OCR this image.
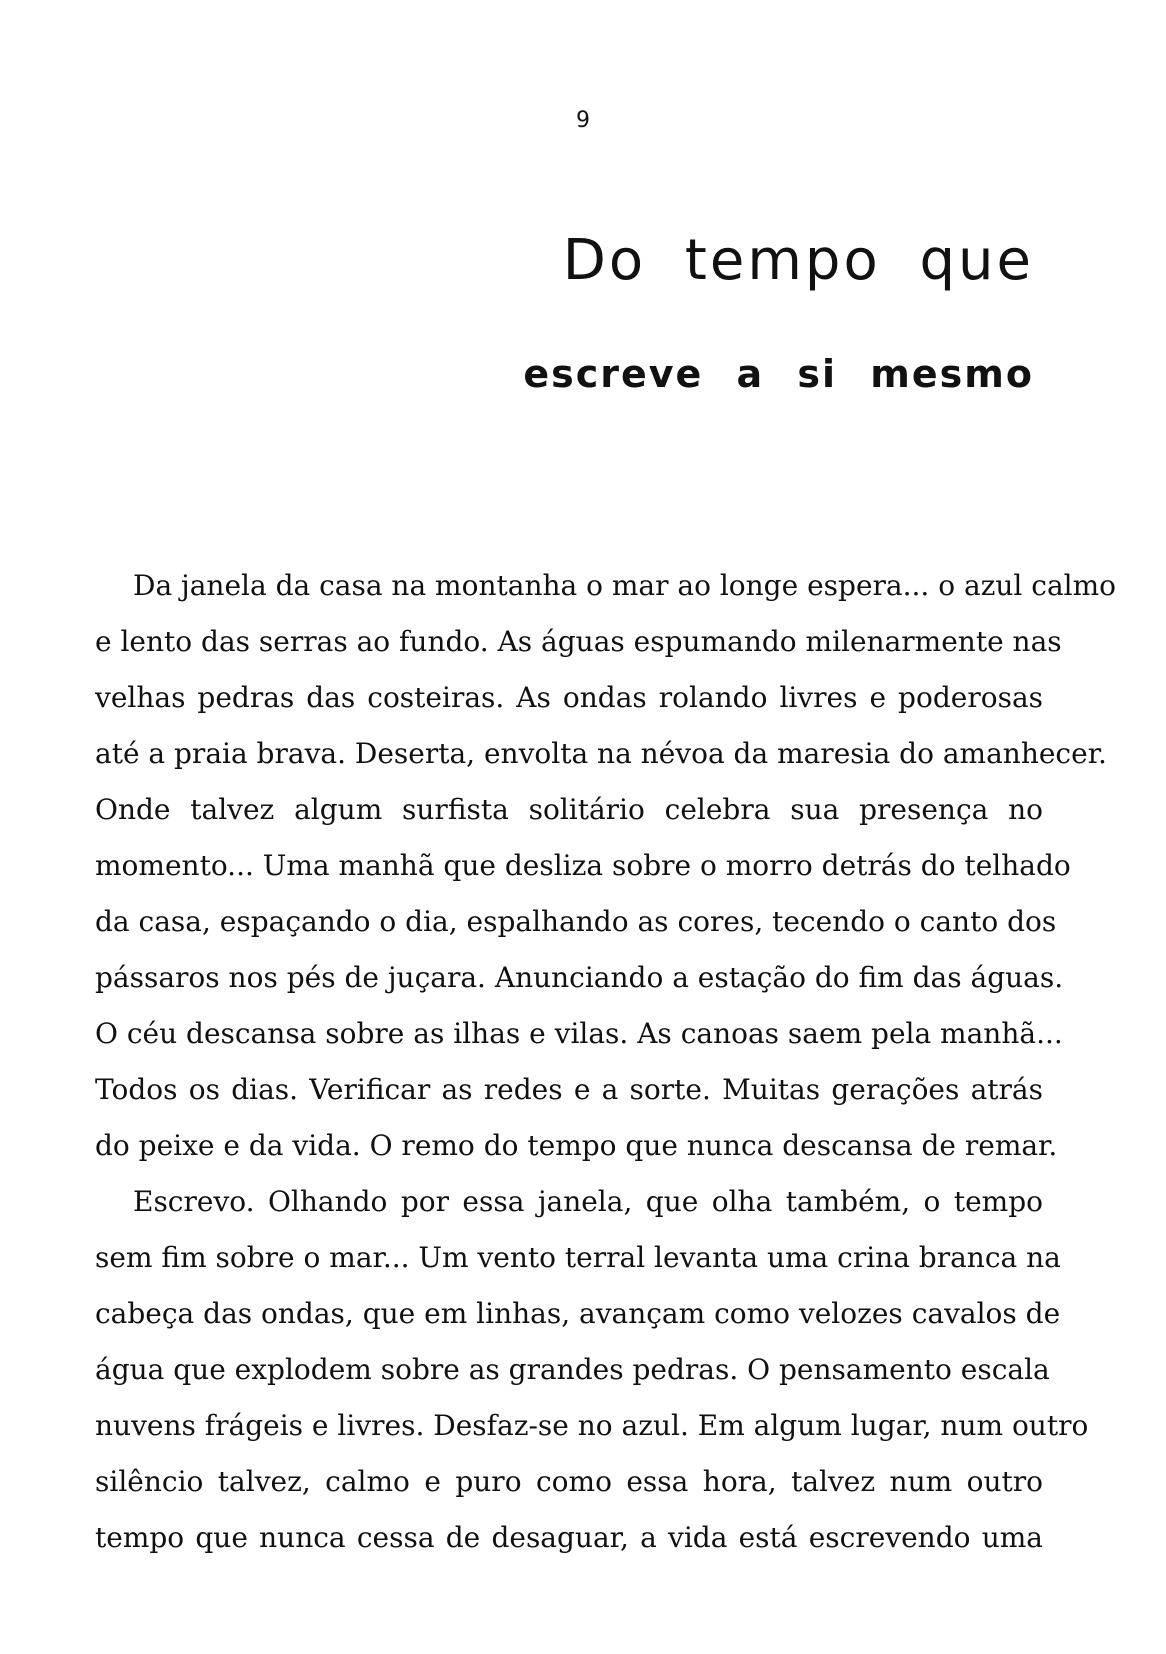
9
Do tempo que
escreve a si mesmo
Da janela da casa na montanha o mar ao longe espera... o azul calmo
e lento das serras ao fundo. As águas espumando milenarmente nas
velhas pedras das costeiras. As ondas rolando livres e poderosas
até a praia brava. Deserta, envolta na névoa da maresia do amanhecer.
Onde talvez algum surfista solitário celebra sua presença no
momento... Uma manhã que desliza sobre o morro detrás do telhado
da casa, espaçando o dia, espalhando as cores, tecendo o canto dos
pássaros nos pés de juçara. Anunciando a estação do fim das águas.
O céu descansa sobre as ilhas e vilas. As canoas saem pela manhã...
Todos os dias. Verificar as redes e a sorte. Muitas gerações atrás
do peixe e da vida. O remo do tempo que nunca descansa de remar.
Escrevo. Olhando por essa janela, que olha também, o tempo
sem fim sobre o mar... Um vento terral levanta uma crina branca na
cabeça das ondas, que em linhas, avançam como velozes cavalos de
água que explodem sobre as grandes pedras. O pensamento escala
nuvens frágeis e livres. Desfaz-se no azul. Em algum lugar, num outro
silêncio talvez, calmo e puro como essa hora, talvez num outro
tempo que nunca cessa de desaguar, a vida está escrevendo uma
